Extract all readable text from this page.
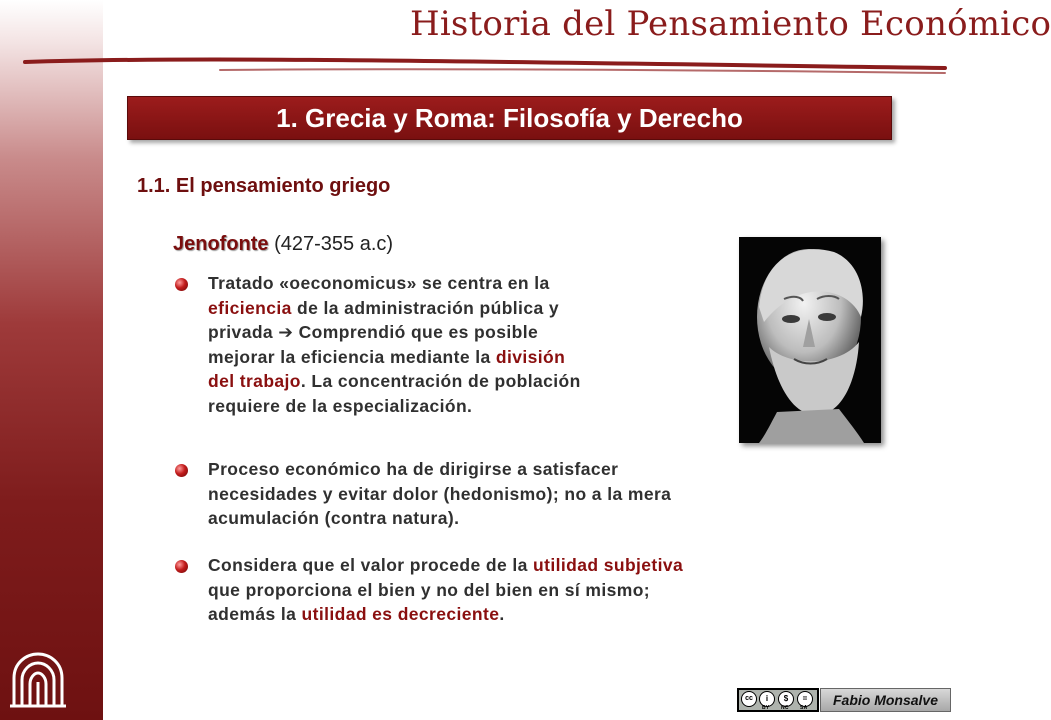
Historia del Pensamiento Económico
1. Grecia y Roma: Filosofía y Derecho
1.1. El pensamiento griego
Jenofonte (427-355 a.c)
Tratado «oeconomicus» se centra en la
eficiencia de la administración pública y
privada ➔ Comprendió que es posible
mejorar la eficiencia mediante la división
del trabajo. La concentración de población
requiere de la especialización.
Proceso económico ha de dirigirse a satisfacer
necesidades y evitar dolor (hedonismo); no a la mera
acumulación (contra natura).
Considera que el valor procede de la utilidad subjetiva
que proporciona el bien y no del bien en sí mismo;
además la utilidad es decreciente.
cc	i	$	=
BY NC SA	Fabio Monsalve
